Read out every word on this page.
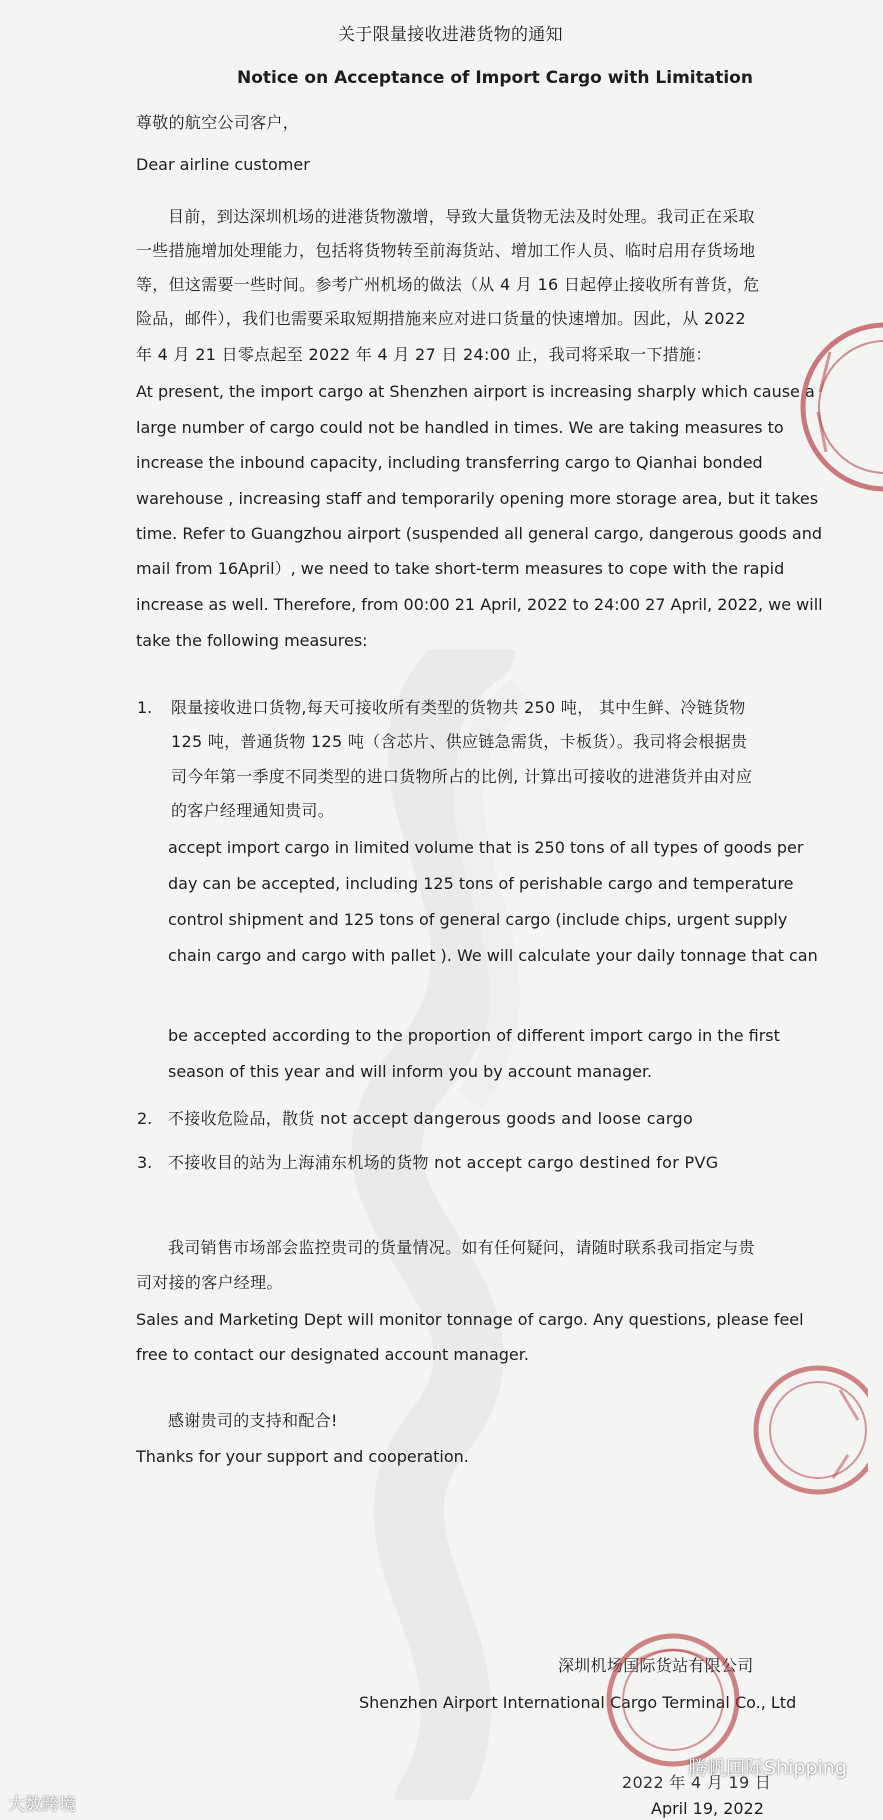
关于限量接收进港货物的通知
Notice on Acceptance of Import Cargo with Limitation
尊敬的航空公司客户，
Dear airline customer
目前，到达深圳机场的进港货物激增，导致大量货物无法及时处理。我司正在采取
一些措施增加处理能力，包括将货物转至前海货站、增加工作人员、临时启用存货场地
等，但这需要一些时间。参考广州机场的做法（从 4 月 16 日起停止接收所有普货，危
险品，邮件），我们也需要采取短期措施来应对进口货量的快速增加。因此，从 2022
年 4 月 21 日零点起至 2022 年 4 月 27 日 24:00 止，我司将采取一下措施：
At present, the import cargo at Shenzhen airport is increasing sharply which cause a
large number of cargo could not be handled in times. We are taking measures to
increase the inbound capacity, including transferring cargo to Qianhai bonded
warehouse , increasing staff and temporarily opening more storage area, but it takes
time. Refer to Guangzhou airport (suspended all general cargo, dangerous goods and
mail from 16April）, we need to take short-term measures to cope with the rapid
increase as well. Therefore, from 00:00 21 April, 2022 to 24:00 27 April, 2022, we will
take the following measures:
1. 限量接收进口货物,每天可接收所有类型的货物共 250 吨， 其中生鲜、冷链货物
125 吨，普通货物 125 吨（含芯片、供应链急需货，卡板货）。我司将会根据贵
司今年第一季度不同类型的进口货物所占的比例, 计算出可接收的进港货并由对应
的客户经理通知贵司。
accept import cargo in limited volume that is 250 tons of all types of goods per
day can be accepted, including 125 tons of perishable cargo and temperature
control shipment and 125 tons of general cargo (include chips, urgent supply
chain cargo and cargo with pallet ). We will calculate your daily tonnage that can
be accepted according to the proportion of different import cargo in the first
season of this year and will inform you by account manager.
2. 不接收危险品，散货 not accept dangerous goods and loose cargo
3. 不接收目的站为上海浦东机场的货物 not accept cargo destined for PVG
我司销售市场部会监控贵司的货量情况。如有任何疑问，请随时联系我司指定与贵
司对接的客户经理。
Sales and Marketing Dept will monitor tonnage of cargo. Any questions, please feel
free to contact our designated account manager.
感谢贵司的支持和配合!
Thanks for your support and cooperation.
深圳机场国际货站有限公司
Shenzhen Airport International Cargo Terminal Co., Ltd
2022 年 4 月 19 日
April 19, 2022
大数跨境
腾帆国际Shipping
